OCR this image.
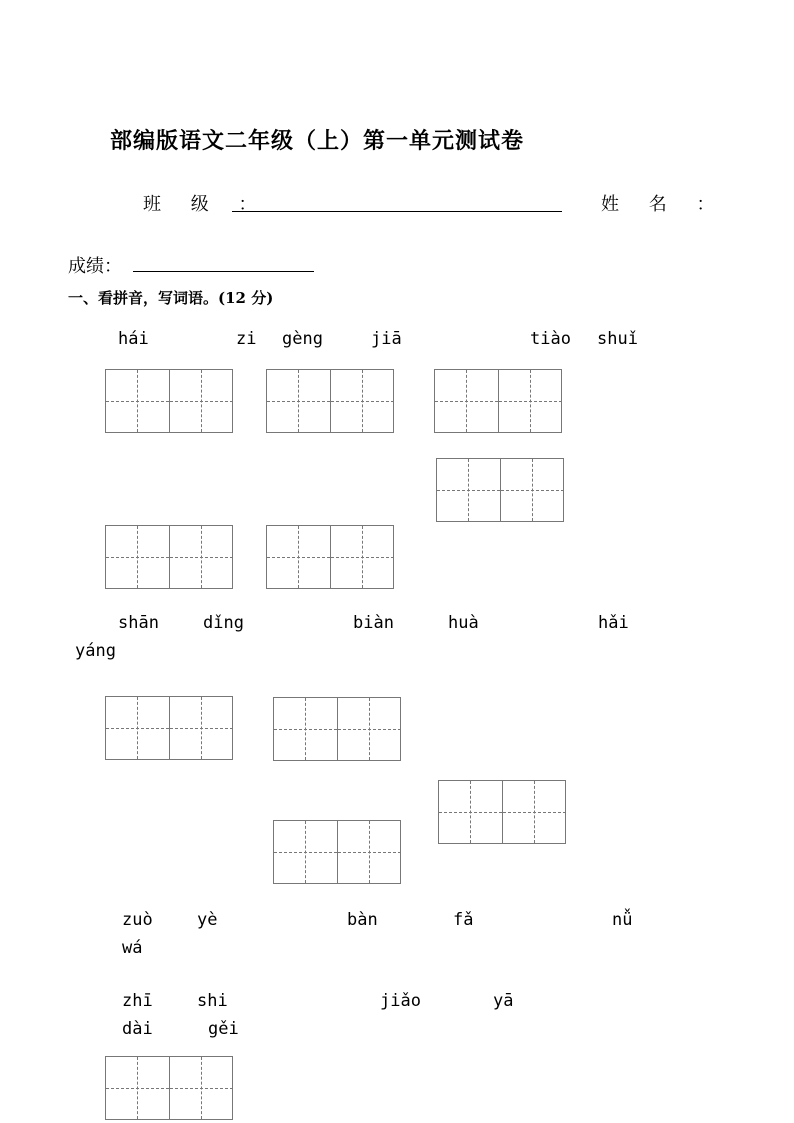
部编版语文二年级（上）第一单元测试卷
班 级 ：	姓 名 ：
成绩：
一、看拼音，写词语。(12 分)
hái	zi gèng	jiā	tiào shuǐ
shān	dǐng	biàn	huà	hǎi
yáng
zuò	yè	bàn	fǎ	nǚ
wá
zhī	shi	jiǎo	yā
dài	gěi
